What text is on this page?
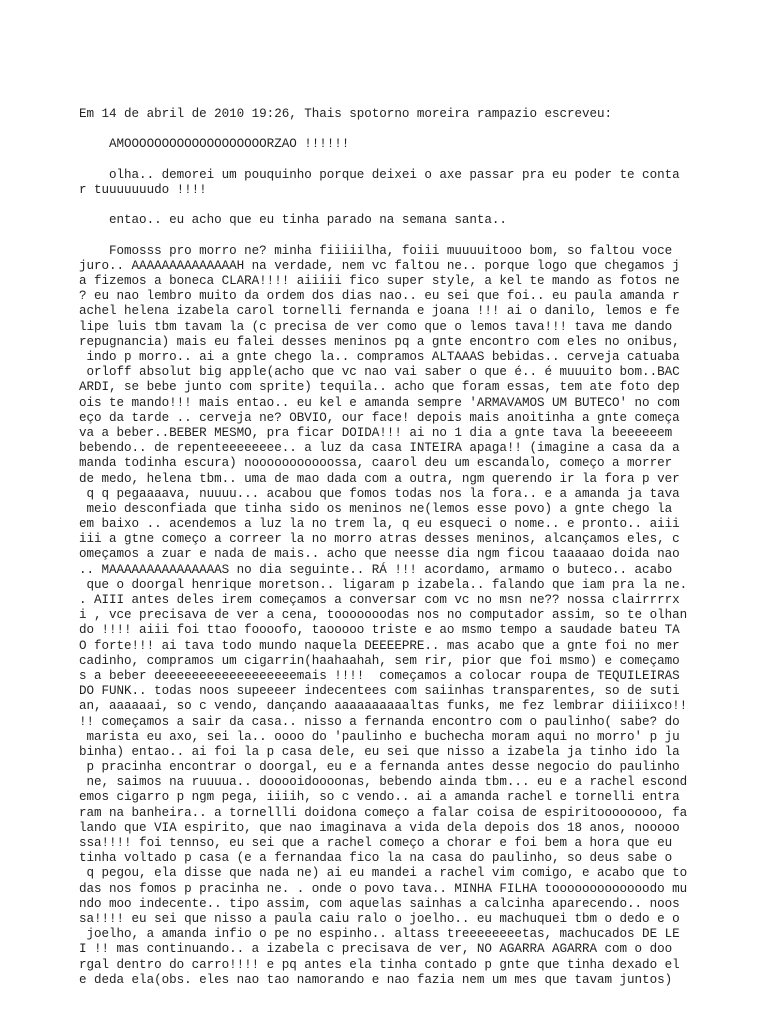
Em 14 de abril de 2010 19:26, Thais spotorno moreira rampazio escreveu:
AMOOOOOOOOOOOOOOOOOOORZAO !!!!!!
olha.. demorei um pouquinho porque deixei o axe passar pra eu poder te conta
r tuuuuuuudo !!!!
entao.. eu acho que eu tinha parado na semana santa..
Fomosss pro morro ne? minha fiiiiilha, foiii muuuuitooo bom, so faltou voce
juro.. AAAAAAAAAAAAAAH na verdade, nem vc faltou ne.. porque logo que chegamos j
a fizemos a boneca CLARA!!!! aiiiii fico super style, a kel te mando as fotos ne
? eu nao lembro muito da ordem dos dias nao.. eu sei que foi.. eu paula amanda r
achel helena izabela carol tornelli fernanda e joana !!! ai o danilo, lemos e fe
lipe luis tbm tavam la (c precisa de ver como que o lemos tava!!! tava me dando
repugnancia) mais eu falei desses meninos pq a gnte encontro com eles no onibus,
indo p morro.. ai a gnte chego la.. compramos ALTAAAS bebidas.. cerveja catuaba
orloff absolut big apple(acho que vc nao vai saber o que é.. é muuuito bom..BAC
ARDI, se bebe junto com sprite) tequila.. acho que foram essas, tem ate foto dep
ois te mando!!! mais entao.. eu kel e amanda sempre 'ARMAVAMOS UM BUTECO' no com
eço da tarde .. cerveja ne? OBVIO, our face! depois mais anoitinha a gnte começa
va a beber..BEBER MESMO, pra ficar DOIDA!!! ai no 1 dia a gnte tava la beeeeeem
bebendo.. de repenteeeeeeee.. a luz da casa INTEIRA apaga!! (imagine a casa da a
manda todinha escura) nooooooooooossa, caarol deu um escandalo, começo a morrer
de medo, helena tbm.. uma de mao dada com a outra, ngm querendo ir la fora p ver
q q pegaaaava, nuuuu... acabou que fomos todas nos la fora.. e a amanda ja tava
meio desconfiada que tinha sido os meninos ne(lemos esse povo) a gnte chego la
em baixo .. acendemos a luz la no trem la, q eu esqueci o nome.. e pronto.. aiii
iii a gtne começo a correer la no morro atras desses meninos, alcançamos eles, c
omeçamos a zuar e nada de mais.. acho que neesse dia ngm ficou taaaaao doida nao
.. MAAAAAAAAAAAAAAAS no dia seguinte.. RÁ !!! acordamo, armamo o buteco.. acabo
que o doorgal henrique moretson.. ligaram p izabela.. falando que iam pra la ne.
. AIII antes deles irem começamos a conversar com vc no msn ne?? nossa clairrrrx
i , vce precisava de ver a cena, tooooooodas nos no computador assim, so te olhan
do !!!! aiii foi ttao foooofo, taooooo triste e ao msmo tempo a saudade bateu TA
O forte!!! ai tava todo mundo naquela DEEEEPRE.. mas acabo que a gnte foi no mer
cadinho, compramos um cigarrin(haahaahah, sem rir, pior que foi msmo) e começamo
s a beber deeeeeeeeeeeeeeeeeemais !!!!  começamos a colocar roupa de TEQUILEIRAS
DO FUNK.. todas noos supeeeer indecentees com saiinhas transparentes, so de suti
an, aaaaaai, so c vendo, dançando aaaaaaaaaaltas funks, me fez lembrar diiiixco!!
!! começamos a sair da casa.. nisso a fernanda encontro com o paulinho( sabe? do
marista eu axo, sei la.. oooo do 'paulinho e buchecha moram aqui no morro' p ju
binha) entao.. ai foi la p casa dele, eu sei que nisso a izabela ja tinho ido la
p pracinha encontrar o doorgal, eu e a fernanda antes desse negocio do paulinho
ne, saimos na ruuuua.. dooooidoooonas, bebendo ainda tbm... eu e a rachel escond
emos cigarro p ngm pega, iiiih, so c vendo.. ai a amanda rachel e tornelli entra
ram na banheira.. a tornellli doidona começo a falar coisa de espiritoooooooo, fa
lando que VIA espirito, que nao imaginava a vida dela depois dos 18 anos, nooooo
ssa!!!! foi tennso, eu sei que a rachel começo a chorar e foi bem a hora que eu
tinha voltado p casa (e a fernandaa fico la na casa do paulinho, so deus sabe o
q pegou, ela disse que nada ne) ai eu mandei a rachel vim comigo, e acabo que to
das nos fomos p pracinha ne. . onde o povo tava.. MINHA FILHA tooooooooooooodo mu
ndo moo indecente.. tipo assim, com aquelas sainhas a calcinha aparecendo.. noos
sa!!!! eu sei que nisso a paula caiu ralo o joelho.. eu machuquei tbm o dedo e o
joelho, a amanda infio o pe no espinho.. altass treeeeeeeetas, machucados DE LE
I !! mas continuando.. a izabela c precisava de ver, NO AGARRA AGARRA com o doo
rgal dentro do carro!!!! e pq antes ela tinha contado p gnte que tinha dexado el
e deda ela(obs. eles nao tao namorando e nao fazia nem um mes que tavam juntos)
